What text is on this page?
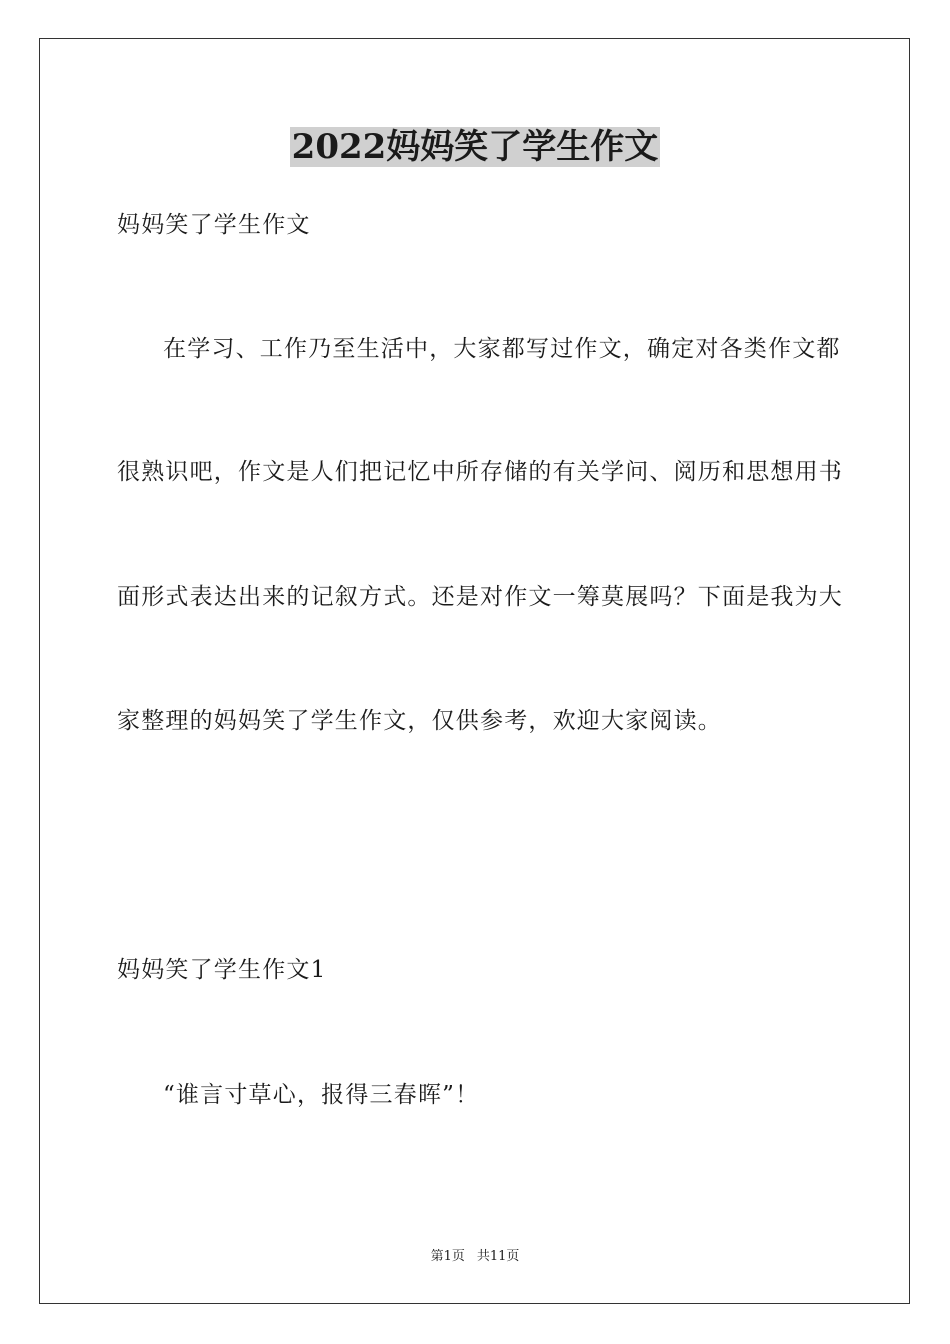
2022妈妈笑了学生作文

妈妈笑了学生作文

在学习、工作乃至生活中，大家都写过作文，确定对各类作文都

很熟识吧，作文是人们把记忆中所存储的有关学问、阅历和思想用书

面形式表达出来的记叙方式。还是对作文一筹莫展吗？下面是我为大

家整理的妈妈笑了学生作文，仅供参考，欢迎大家阅读。

妈妈笑了学生作文1

“谁言寸草心，报得三春晖”！

第1页 共11页
